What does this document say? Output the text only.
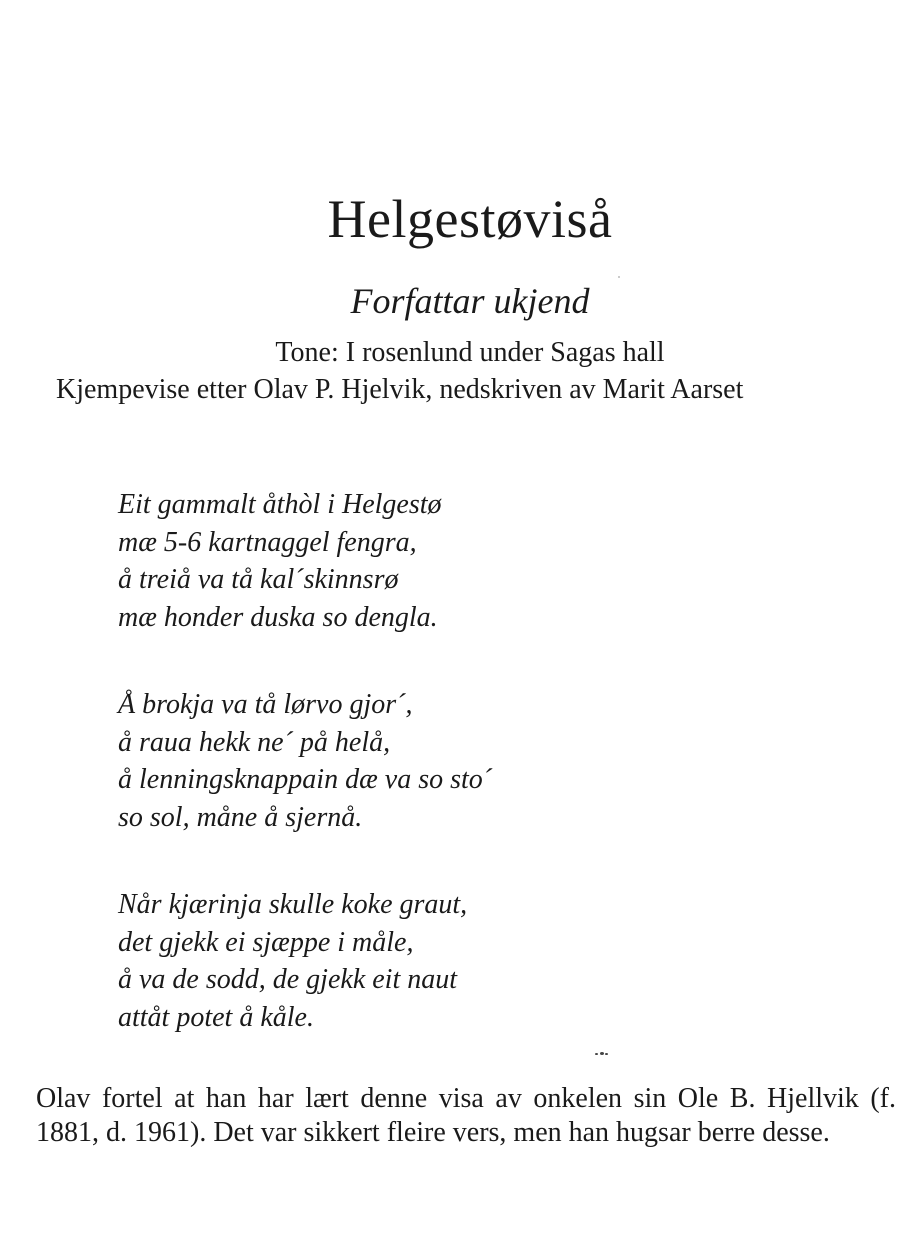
Helgestøviså
Forfattar ukjend
Tone: I rosenlund under Sagas hall
Kjempevise etter Olav P. Hjelvik, nedskriven av Marit Aarset
Eit gammalt åthòl i Helgestø
mæ 5-6 kartnaggel fengra,
å treiå va tå kal´skinnsrø
mæ honder duska so dengla.
Å brokja va tå lørvo gjor´,
å raua hekk ne´ på helå,
å lenningsknappain dæ va so sto´
so sol, måne å sjernå.
Når kjærinja skulle koke graut,
det gjekk ei sjæppe i måle,
å va de sodd, de gjekk eit naut
attåt potet å kåle.

Olav fortel at han har lært denne visa av onkelen sin Ole B. Hjellvik (f. 1881, d. 1961). Det var sikkert fleire vers, men han hugsar berre desse.
